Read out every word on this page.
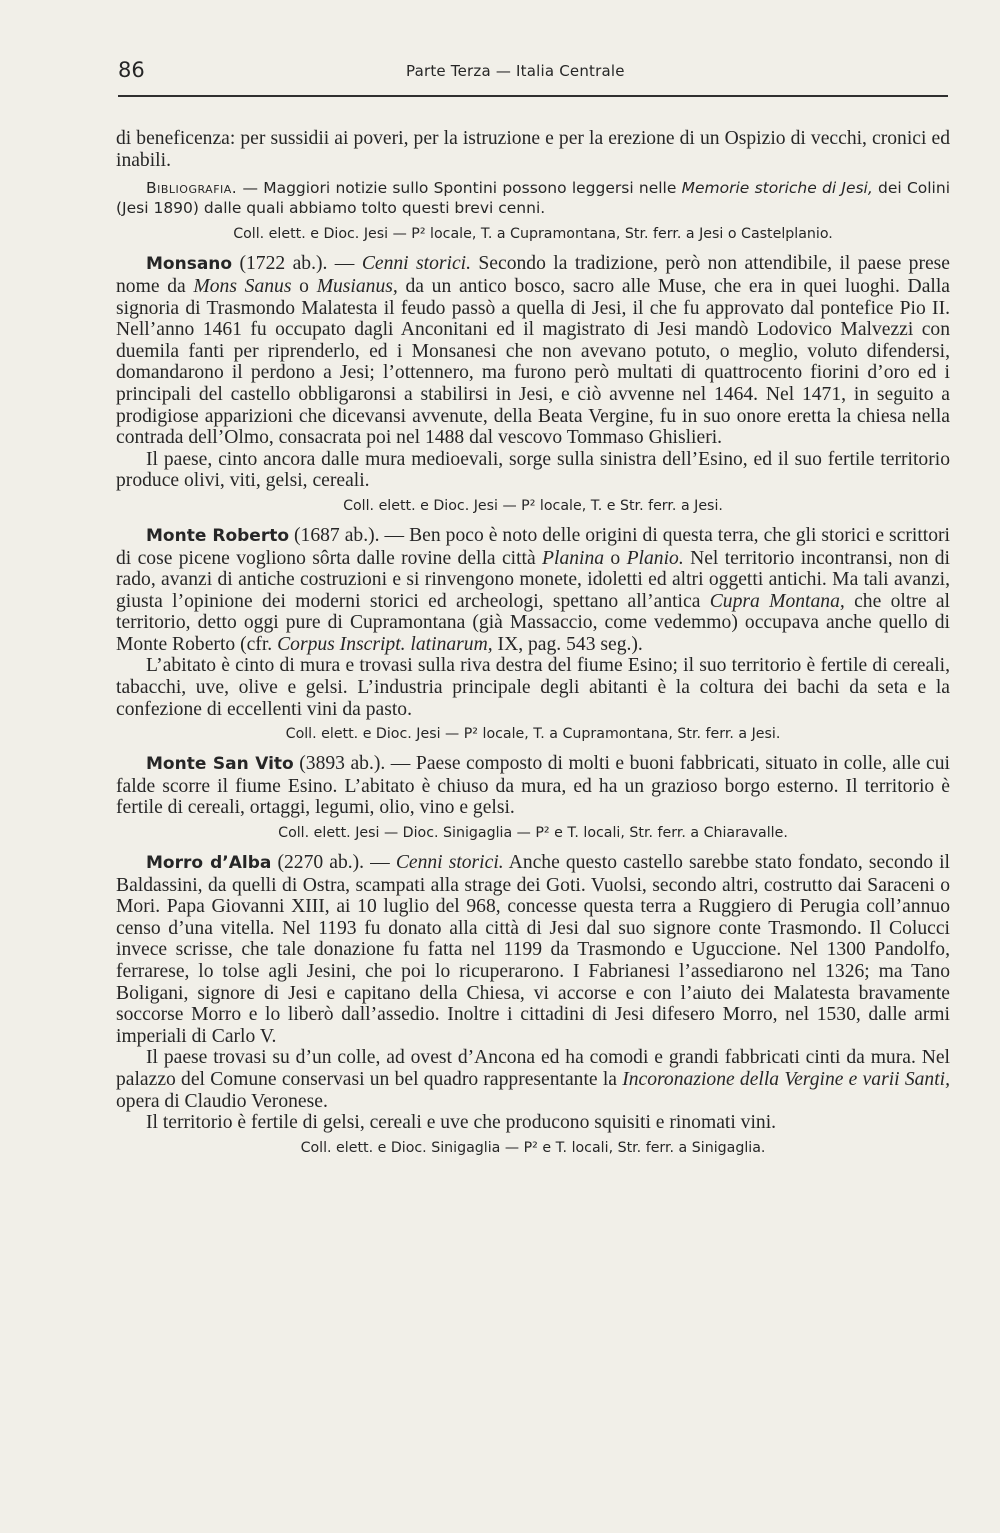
86	Parte Terza — Italia Centrale

di beneficenza: per sussidii ai poveri, per la istruzione e per la erezione di un Ospizio di vecchi, cronici ed inabili.

Bibliografia. — Maggiori notizie sullo Spontini possono leggersi nelle Memorie storiche di Jesi, dei Colini (Jesi 1890) dalle quali abbiamo tolto questi brevi cenni.

Coll. elett. e Dioc. Jesi — P² locale, T. a Cupramontana, Str. ferr. a Jesi o Castelplanio.

Monsano (1722 ab.). — Cenni storici. Secondo la tradizione, però non attendibile, il paese prese nome da Mons Sanus o Musianus, da un antico bosco, sacro alle Muse, che era in quei luoghi. Dalla signoria di Trasmondo Malatesta il feudo passò a quella di Jesi, il che fu approvato dal pontefice Pio II. Nell’anno 1461 fu occupato dagli Anconitani ed il magistrato di Jesi mandò Lodovico Malvezzi con duemila fanti per riprenderlo, ed i Monsanesi che non avevano potuto, o meglio, voluto difendersi, domandarono il perdono a Jesi; l’ottennero, ma furono però multati di quattrocento fiorini d’oro ed i principali del castello obbligaronsi a stabilirsi in Jesi, e ciò avvenne nel 1464. Nel 1471, in seguito a prodigiose apparizioni che dicevansi avvenute, della Beata Vergine, fu in suo onore eretta la chiesa nella contrada dell’Olmo, consacrata poi nel 1488 dal vescovo Tommaso Ghislieri.

Il paese, cinto ancora dalle mura medioevali, sorge sulla sinistra dell’Esino, ed il suo fertile territorio produce olivi, viti, gelsi, cereali.

Coll. elett. e Dioc. Jesi — P² locale, T. e Str. ferr. a Jesi.

Monte Roberto (1687 ab.). — Ben poco è noto delle origini di questa terra, che gli storici e scrittori di cose picene vogliono sôrta dalle rovine della città Planina o Planio. Nel territorio incontransi, non di rado, avanzi di antiche costruzioni e si rinvengono monete, idoletti ed altri oggetti antichi. Ma tali avanzi, giusta l’opinione dei moderni storici ed archeologi, spettano all’antica Cupra Montana, che oltre al territorio, detto oggi pure di Cupramontana (già Massaccio, come vedemmo) occupava anche quello di Monte Roberto (cfr. Corpus Inscript. latinarum, IX, pag. 543 seg.).

L’abitato è cinto di mura e trovasi sulla riva destra del fiume Esino; il suo territorio è fertile di cereali, tabacchi, uve, olive e gelsi. L’industria principale degli abitanti è la coltura dei bachi da seta e la confezione di eccellenti vini da pasto.

Coll. elett. e Dioc. Jesi — P² locale, T. a Cupramontana, Str. ferr. a Jesi.

Monte San Vito (3893 ab.). — Paese composto di molti e buoni fabbricati, situato in colle, alle cui falde scorre il fiume Esino. L’abitato è chiuso da mura, ed ha un grazioso borgo esterno. Il territorio è fertile di cereali, ortaggi, legumi, olio, vino e gelsi.

Coll. elett. Jesi — Dioc. Sinigaglia — P² e T. locali, Str. ferr. a Chiaravalle.

Morro d’Alba (2270 ab.). — Cenni storici. Anche questo castello sarebbe stato fondato, secondo il Baldassini, da quelli di Ostra, scampati alla strage dei Goti. Vuolsi, secondo altri, costrutto dai Saraceni o Mori. Papa Giovanni XIII, ai 10 luglio del 968, concesse questa terra a Ruggiero di Perugia coll’annuo censo d’una vitella. Nel 1193 fu donato alla città di Jesi dal suo signore conte Trasmondo. Il Colucci invece scrisse, che tale donazione fu fatta nel 1199 da Trasmondo e Uguccione. Nel 1300 Pandolfo, ferrarese, lo tolse agli Jesini, che poi lo ricuperarono. I Fabrianesi l’assediarono nel 1326; ma Tano Boligani, signore di Jesi e capitano della Chiesa, vi accorse e con l’aiuto dei Malatesta bravamente soccorse Morro e lo liberò dall’assedio. Inoltre i cittadini di Jesi difesero Morro, nel 1530, dalle armi imperiali di Carlo V.

Il paese trovasi su d’un colle, ad ovest d’Ancona ed ha comodi e grandi fabbricati cinti da mura. Nel palazzo del Comune conservasi un bel quadro rappresentante la Incoronazione della Vergine e varii Santi, opera di Claudio Veronese.

Il territorio è fertile di gelsi, cereali e uve che producono squisiti e rinomati vini.

Coll. elett. e Dioc. Sinigaglia — P² e T. locali, Str. ferr. a Sinigaglia.
